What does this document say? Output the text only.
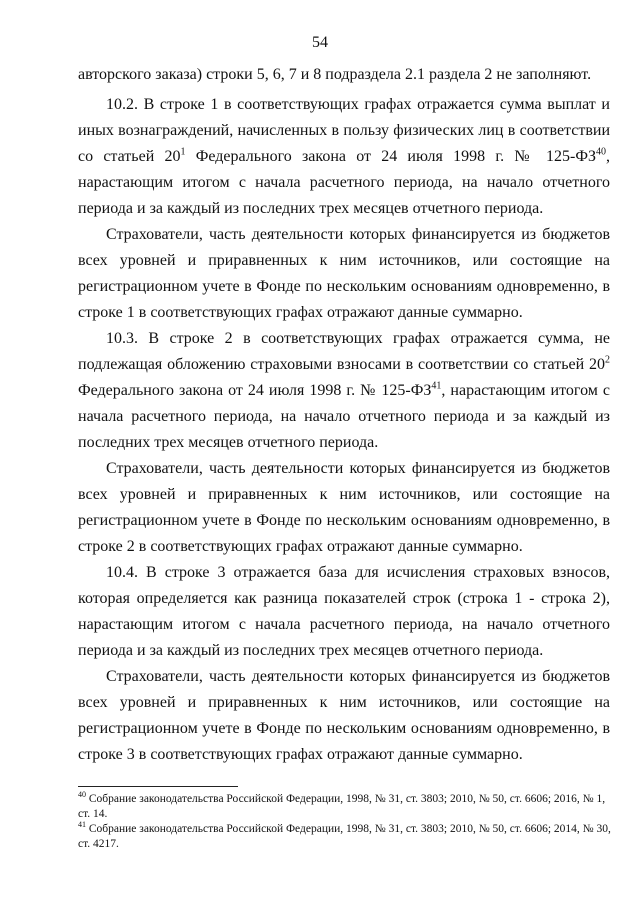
54

авторского заказа) строки 5, 6, 7 и 8 подраздела 2.1 раздела 2 не заполняют.

10.2. В строке 1 в соответствующих графах отражается сумма выплат и иных вознаграждений, начисленных в пользу физических лиц в соответствии со статьей $20^1$ Федерального закона от 24 июля 1998 г. № 125-ФЗ$^{40}$, нарастающим итогом с начала расчетного периода, на начало отчетного периода и за каждый из последних трех месяцев отчетного периода.

Страхователи, часть деятельности которых финансируется из бюджетов всех уровней и приравненных к ним источников, или состоящие на регистрационном учете в Фонде по нескольким основаниям одновременно, в строке 1 в соответствующих графах отражают данные суммарно.

10.3. В строке 2 в соответствующих графах отражается сумма, не подлежащая обложению страховыми взносами в соответствии со статьей $20^2$ Федерального закона от 24 июля 1998 г. № 125-ФЗ$^{41}$, нарастающим итогом с начала расчетного периода, на начало отчетного периода и за каждый из последних трех месяцев отчетного периода.

Страхователи, часть деятельности которых финансируется из бюджетов всех уровней и приравненных к ним источников, или состоящие на регистрационном учете в Фонде по нескольким основаниям одновременно, в строке 2 в соответствующих графах отражают данные суммарно.

10.4. В строке 3 отражается база для исчисления страховых взносов, которая определяется как разница показателей строк (строка 1 - строка 2), нарастающим итогом с начала расчетного периода, на начало отчетного периода и за каждый из последних трех месяцев отчетного периода.

Страхователи, часть деятельности которых финансируется из бюджетов всех уровней и приравненных к ним источников, или состоящие на регистрационном учете в Фонде по нескольким основаниям одновременно, в строке 3 в соответствующих графах отражают данные суммарно.

$^{40}$ Собрание законодательства Российской Федерации, 1998, № 31, ст. 3803; 2010, № 50, ст. 6606; 2016, № 1, ст. 14.

$^{41}$ Собрание законодательства Российской Федерации, 1998, № 31, ст. 3803; 2010, № 50, ст. 6606; 2014, № 30, ст. 4217.
